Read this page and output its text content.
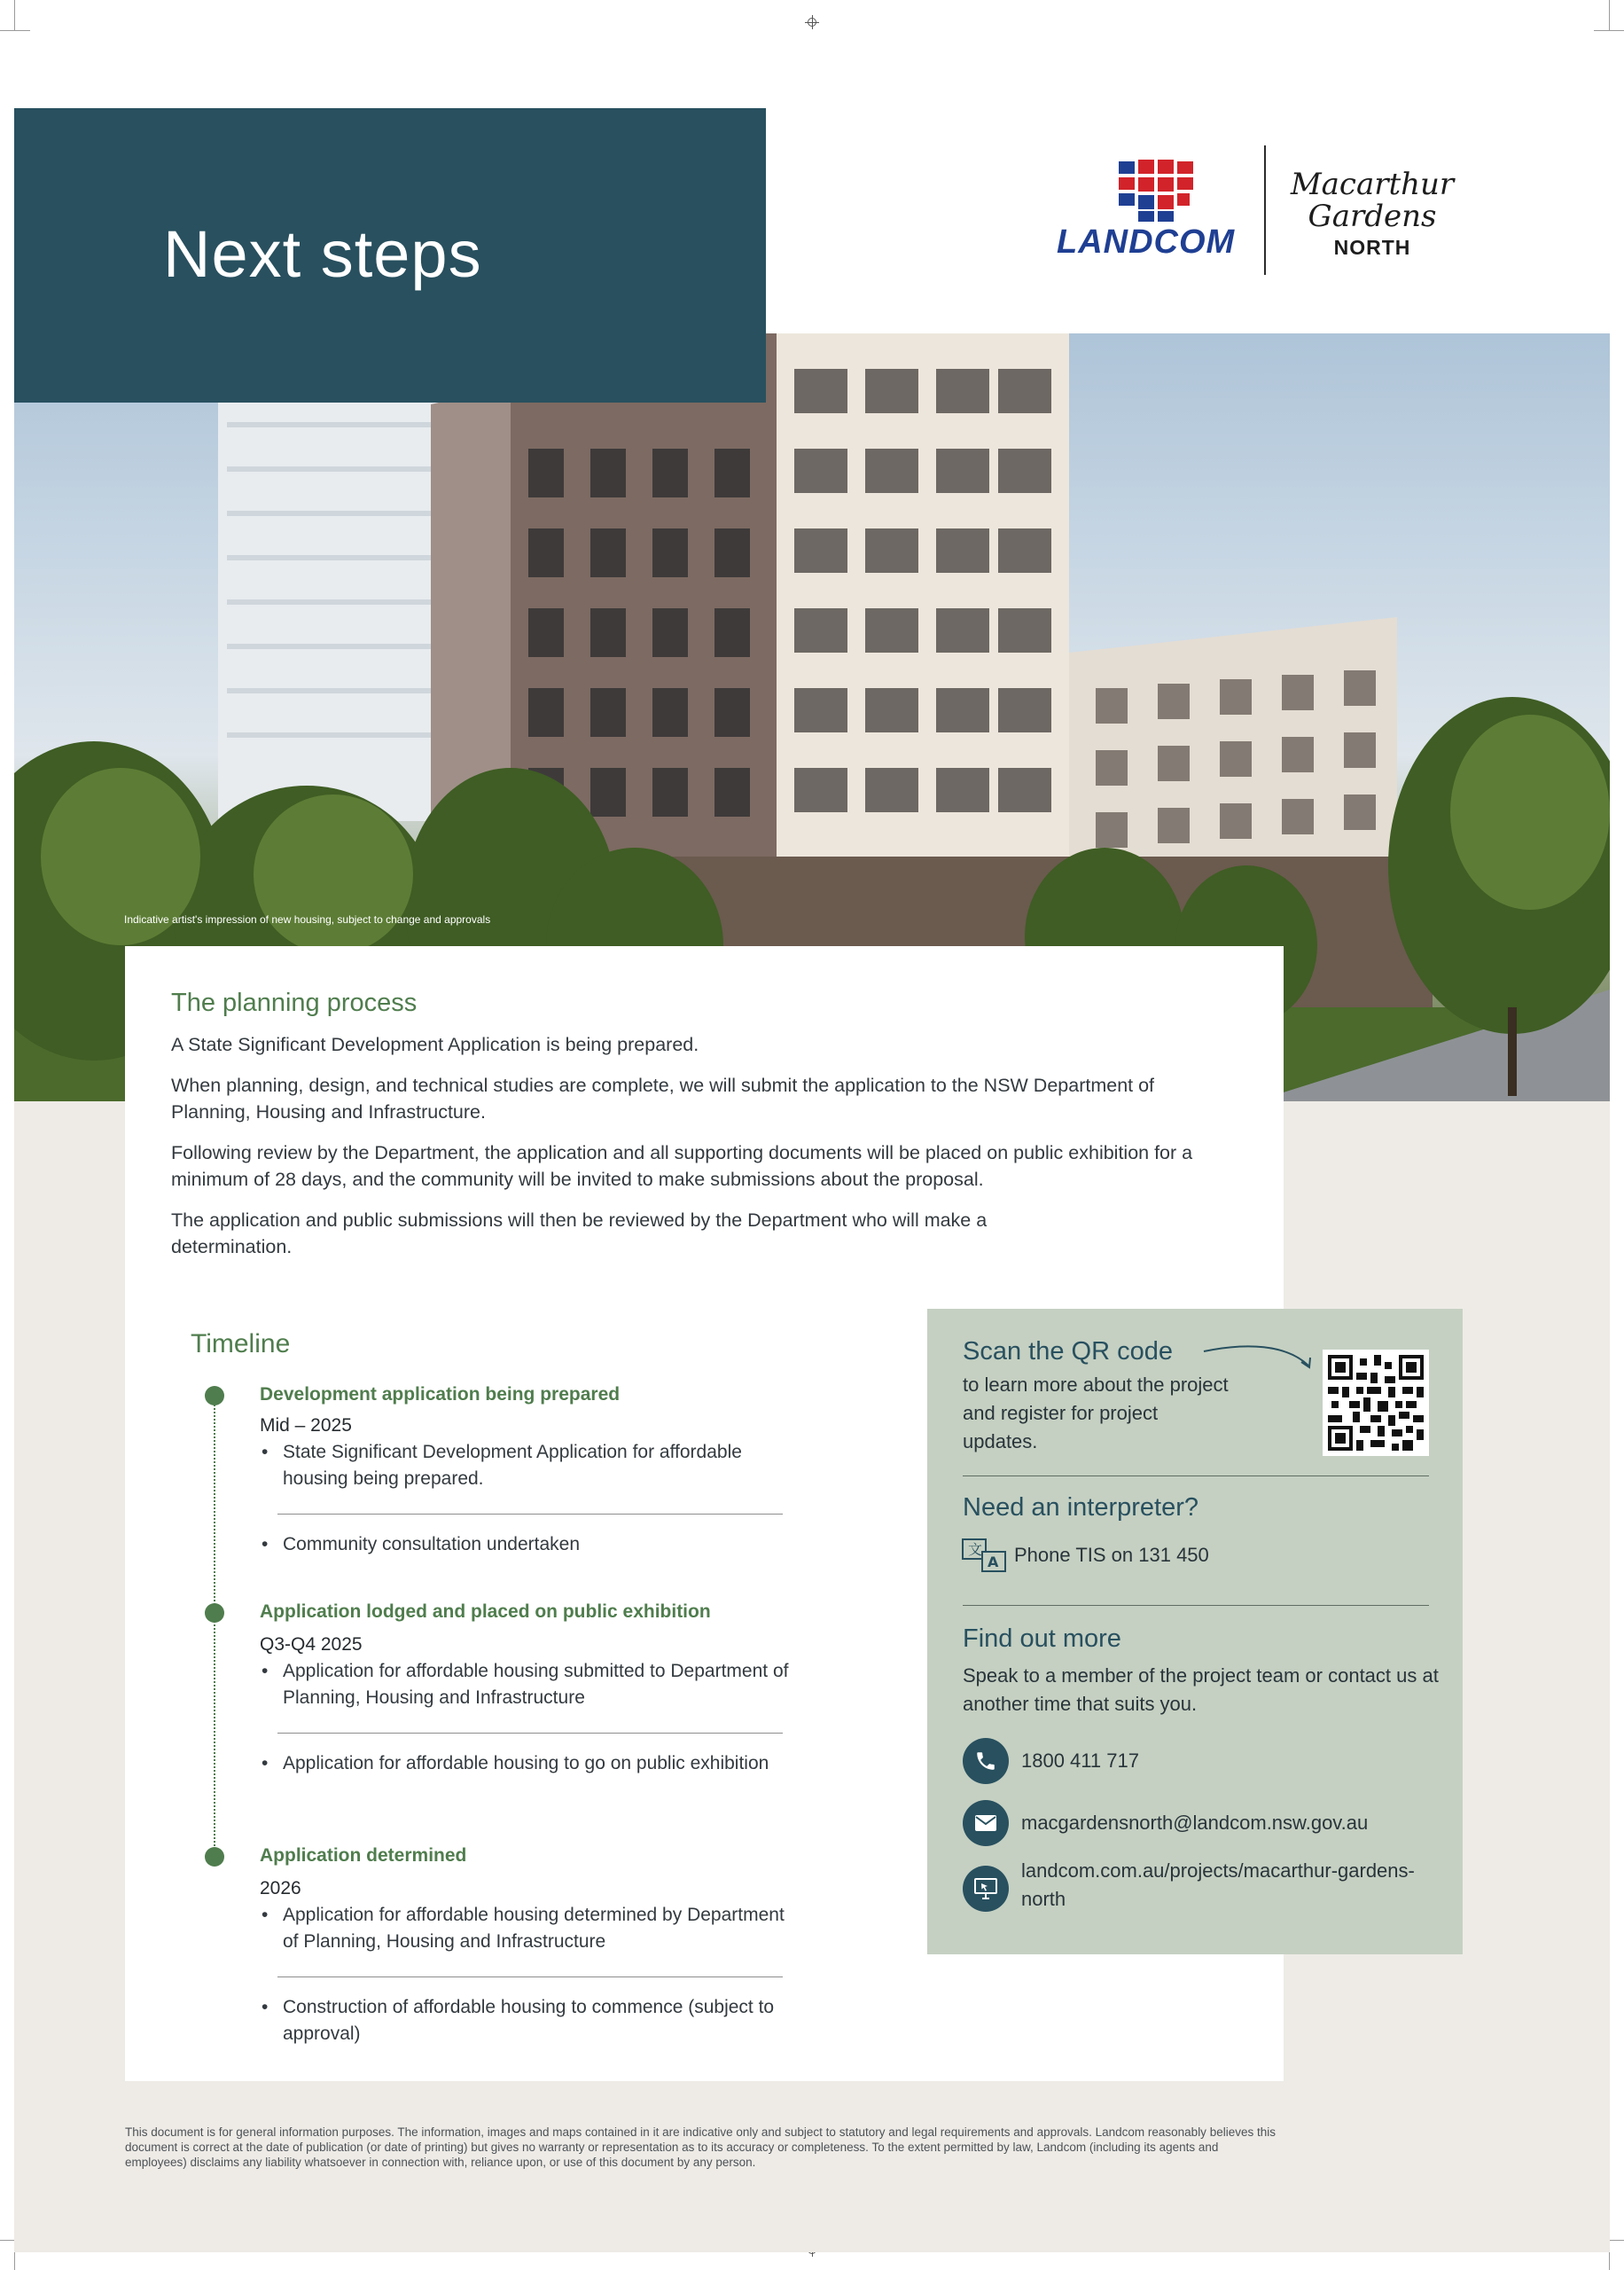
Next steps	LANDCOM
Macarthur
Gardens
NORTH
Indicative artist's impression of new housing, subject to change and approvals
The planning process

A State Significant Development Application is being prepared.

When planning, design, and technical studies are complete, we will submit the application to the NSW Department of Planning, Housing and Infrastructure.

Following review by the Department, the application and all supporting documents will be placed on public exhibition for a minimum of 28 days, and the community will be invited to make submissions about the proposal.

The application and public submissions will then be reviewed by the Department who will make a determination.

Timeline
Development application being prepared
Mid – 2025
• State Significant Development Application for affordable housing being prepared.
• Community consultation undertaken
Application lodged and placed on public exhibition
Q3-Q4 2025
• Application for affordable housing submitted to Department of Planning, Housing and Infrastructure
• Application for affordable housing to go on public exhibition
Application determined
2026
• Application for affordable housing determined by Department of Planning, Housing and Infrastructure
• Construction of affordable housing to commence (subject to approval)
Scan the QR code
to learn more about the project and register for project updates.
Need an interpreter?
文
A Phone TIS on 131 450
Find out more
Speak to a member of the project team or contact us at another time that suits you.
1800 411 717
macgardensnorth@landcom.nsw.gov.au
landcom.com.au/projects/macarthur-gardens-north
This document is for general information purposes. The information, images and maps contained in it are indicative only and subject to statutory and legal requirements and approvals. Landcom reasonably believes this document is correct at the date of publication (or date of printing) but gives no warranty or representation as to its accuracy or completeness. To the extent permitted by law, Landcom (including its agents and employees) disclaims any liability whatsoever in connection with, reliance upon, or use of this document by any person.
